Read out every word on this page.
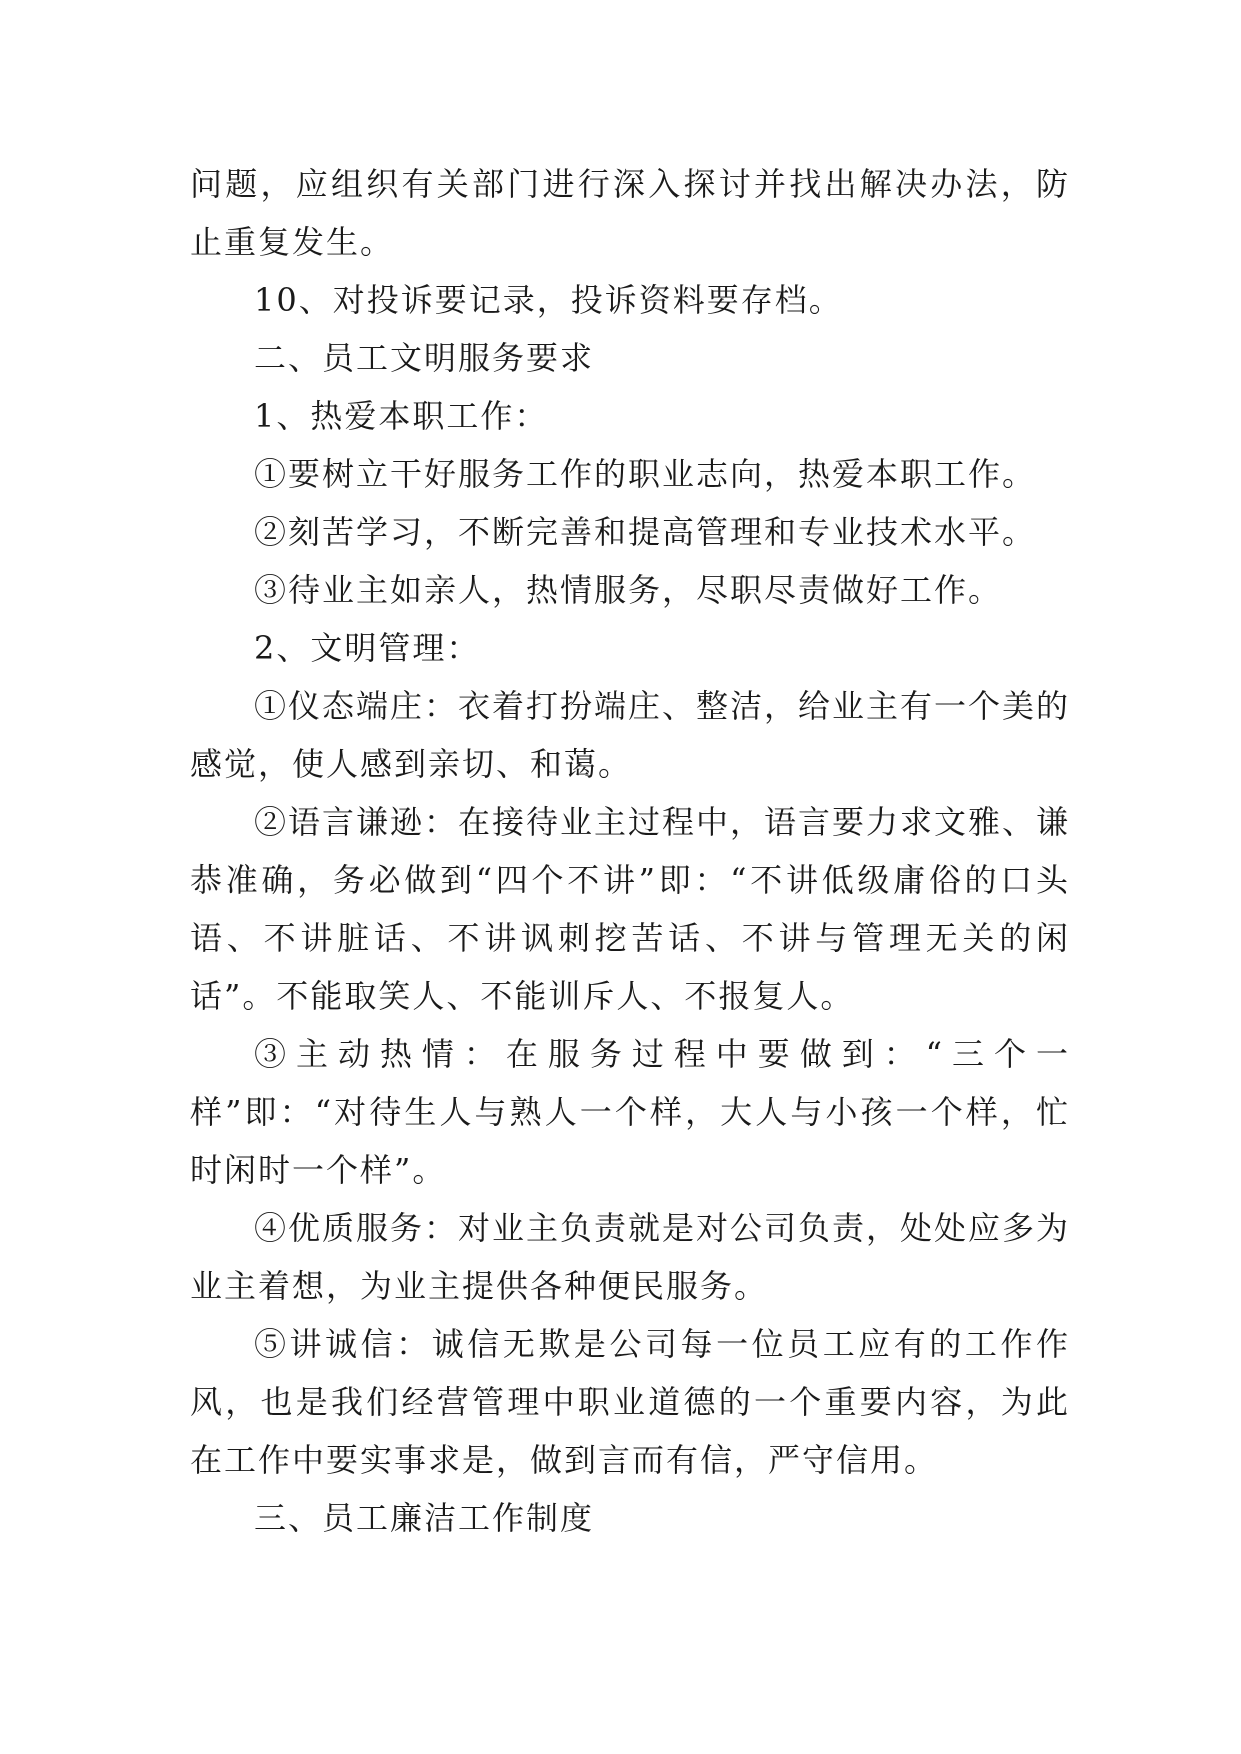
问题，应组织有关部门进行深入探讨并找出解决办法，防止重复发生。

10、对投诉要记录，投诉资料要存档。

二、员工文明服务要求

1、热爱本职工作：

①要树立干好服务工作的职业志向，热爱本职工作。

②刻苦学习，不断完善和提高管理和专业技术水平。

③待业主如亲人，热情服务，尽职尽责做好工作。

2、文明管理：

①仪态端庄：衣着打扮端庄、整洁，给业主有一个美的感觉，使人感到亲切、和蔼。

②语言谦逊：在接待业主过程中，语言要力求文雅、谦恭准确，务必做到“四个不讲”即：“不讲低级庸俗的口头语、不讲脏话、不讲讽刺挖苦话、不讲与管理无关的闲话”。不能取笑人、不能训斥人、不报复人。

③主动热情：在服务过程中要做到：“三个一样”即：“对待生人与熟人一个样，大人与小孩一个样，忙时闲时一个样”。

④优质服务：对业主负责就是对公司负责，处处应多为业主着想，为业主提供各种便民服务。

⑤讲诚信：诚信无欺是公司每一位员工应有的工作作风，也是我们经营管理中职业道德的一个重要内容，为此在工作中要实事求是，做到言而有信，严守信用。

三、员工廉洁工作制度
